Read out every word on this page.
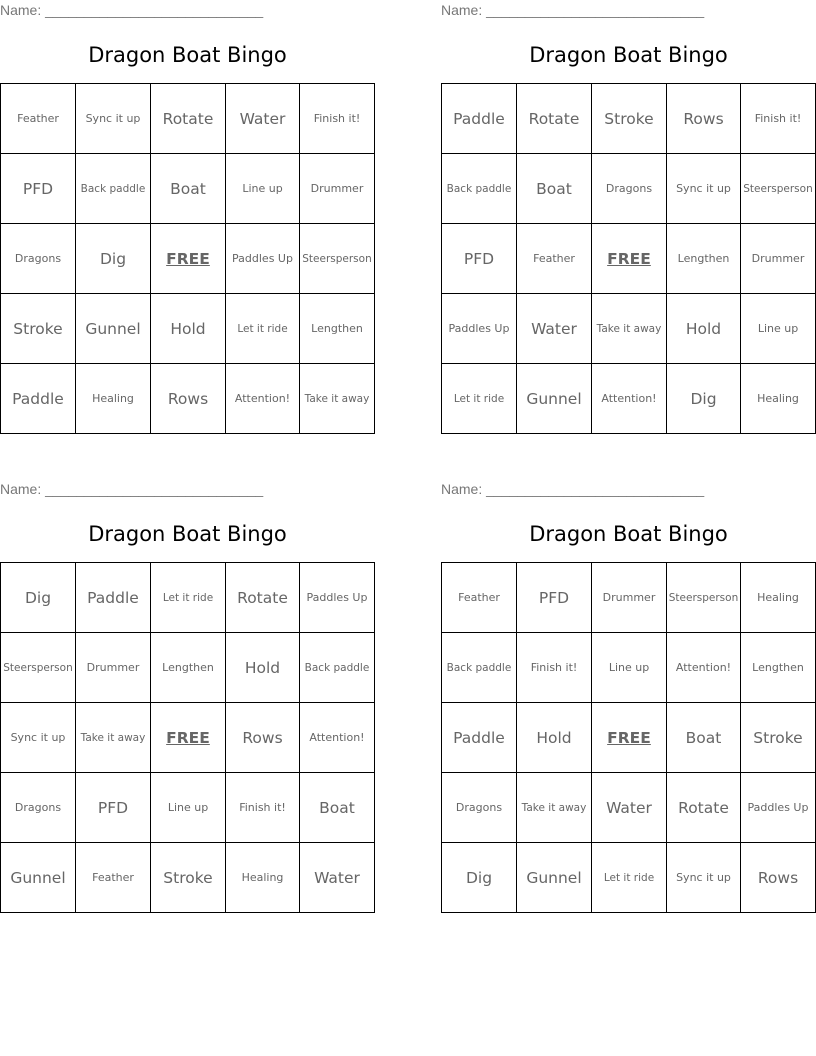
Name: ____________________________
Dragon Boat Bingo
Feather	Sync it up	Rotate	Water	Finish it!
PFD	Back paddle	Boat	Line up	Drummer
Dragons	Dig	FREE	Paddles Up	Steersperson
Stroke	Gunnel	Hold	Let it ride	Lengthen
Paddle	Healing	Rows	Attention!	Take it away
Name: ____________________________
Dragon Boat Bingo
Paddle	Rotate	Stroke	Rows	Finish it!
Back paddle	Boat	Dragons	Sync it up	Steersperson
PFD	Feather	FREE	Lengthen	Drummer
Paddles Up	Water	Take it away	Hold	Line up
Let it ride	Gunnel	Attention!	Dig	Healing
Name: ____________________________
Dragon Boat Bingo
Dig	Paddle	Let it ride	Rotate	Paddles Up
Steersperson	Drummer	Lengthen	Hold	Back paddle
Sync it up	Take it away	FREE	Rows	Attention!
Dragons	PFD	Line up	Finish it!	Boat
Gunnel	Feather	Stroke	Healing	Water
Name: ____________________________
Dragon Boat Bingo
Feather	PFD	Drummer	Steersperson	Healing
Back paddle	Finish it!	Line up	Attention!	Lengthen
Paddle	Hold	FREE	Boat	Stroke
Dragons	Take it away	Water	Rotate	Paddles Up
Dig	Gunnel	Let it ride	Sync it up	Rows
